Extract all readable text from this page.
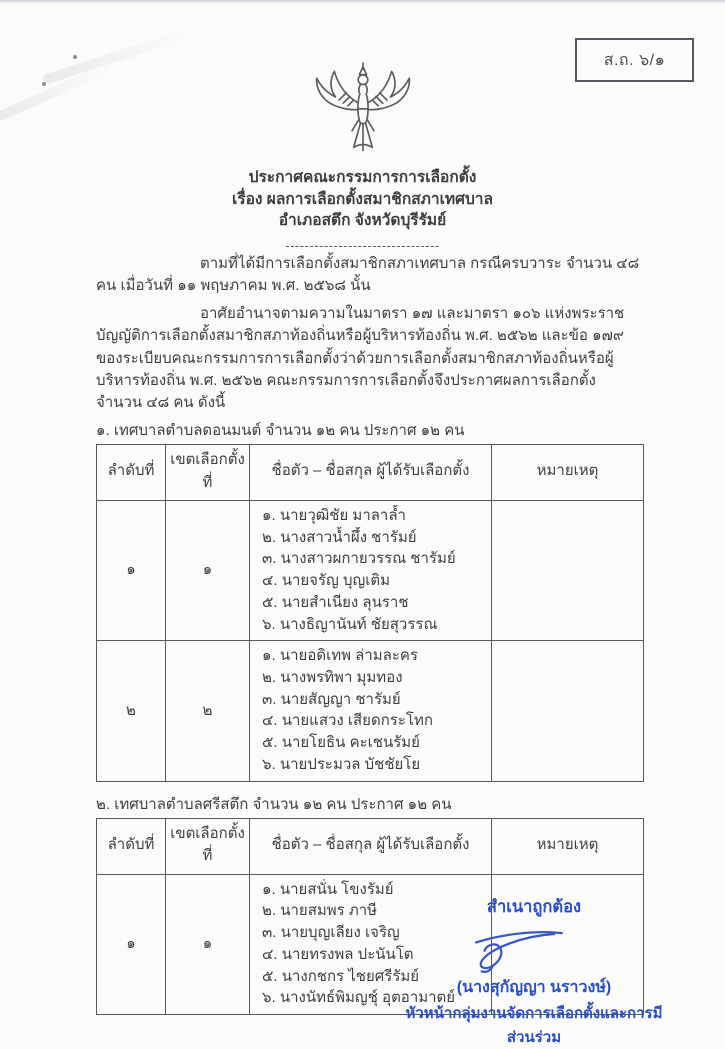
ส.ถ. ๖/๑
ประกาศคณะกรรมการการเลือกตั้ง
เรื่อง ผลการเลือกตั้งสมาชิกสภาเทศบาล
อำเภอสตึก จังหวัดบุรีรัมย์
--------------------------------

ตามที่ได้มีการเลือกตั้งสมาชิกสภาเทศบาล กรณีครบวาระ จำนวน ๔๘ คน เมื่อวันที่ ๑๑ พฤษภาคม พ.ศ. ๒๕๖๘ นั้น

อาศัยอำนาจตามความในมาตรา ๑๗ และมาตรา ๑๐๖ แห่งพระราชบัญญัติการเลือกตั้งสมาชิกสภาท้องถิ่นหรือผู้บริหารท้องถิ่น พ.ศ. ๒๕๖๒ และข้อ ๑๗๙ ของระเบียบคณะกรรมการการเลือกตั้งว่าด้วยการเลือกตั้งสมาชิกสภาท้องถิ่นหรือผู้บริหารท้องถิ่น พ.ศ. ๒๕๖๒ คณะกรรมการการเลือกตั้งจึงประกาศผลการเลือกตั้ง จำนวน ๔๘ คน ดังนี้

๑. เทศบาลตำบลดอนมนต์ จำนวน ๑๒ คน ประกาศ ๑๒ คน
ลำดับที่	เขตเลือกตั้งที่	ชื่อตัว – ชื่อสกุล ผู้ได้รับเลือกตั้ง	หมายเหตุ
๑	๑	
๑. นายวุฒิชัย มาลาล้ำ
๒. นางสาวน้ำผึ้ง ชารัมย์
๓. นางสาวผกายวรรณ ชารัมย์
๔. นายจรัญ บุญเติม
๕. นายสำเนียง ลุนราช
๖. นางธิญานันท์ ชัยสุวรรณ

๒	๒	
๑. นายอดิเทพ ล่ามละคร
๒. นางพรทิพา มุมทอง
๓. นายสัญญา ชารัมย์
๔. นายแสวง เสียดกระโทก
๕. นายโยธิน คะเชนรัมย์
๖. นายประมวล บัชชัยโย

๒. เทศบาลตำบลศรีสตึก จำนวน ๑๒ คน ประกาศ ๑๒ คน
ลำดับที่	เขตเลือกตั้งที่	ชื่อตัว – ชื่อสกุล ผู้ได้รับเลือกตั้ง	หมายเหตุ
๑	๑	
๑. นายสนั่น โขงรัมย์
๒. นายสมพร ภาษี
๓. นายบุญเลียง เจริญ
๔. นายทรงพล ปะนันโต
๕. นางกชกร ไชยศรีรัมย์
๖. นางนัทธ์พิมญชุ์ อุตอามาตย์

สำเนาถูกต้อง
(นางสุกัญญา นราวงษ์)
หัวหน้ากลุ่มงานจัดการเลือกตั้งและการมีส่วนร่วม
